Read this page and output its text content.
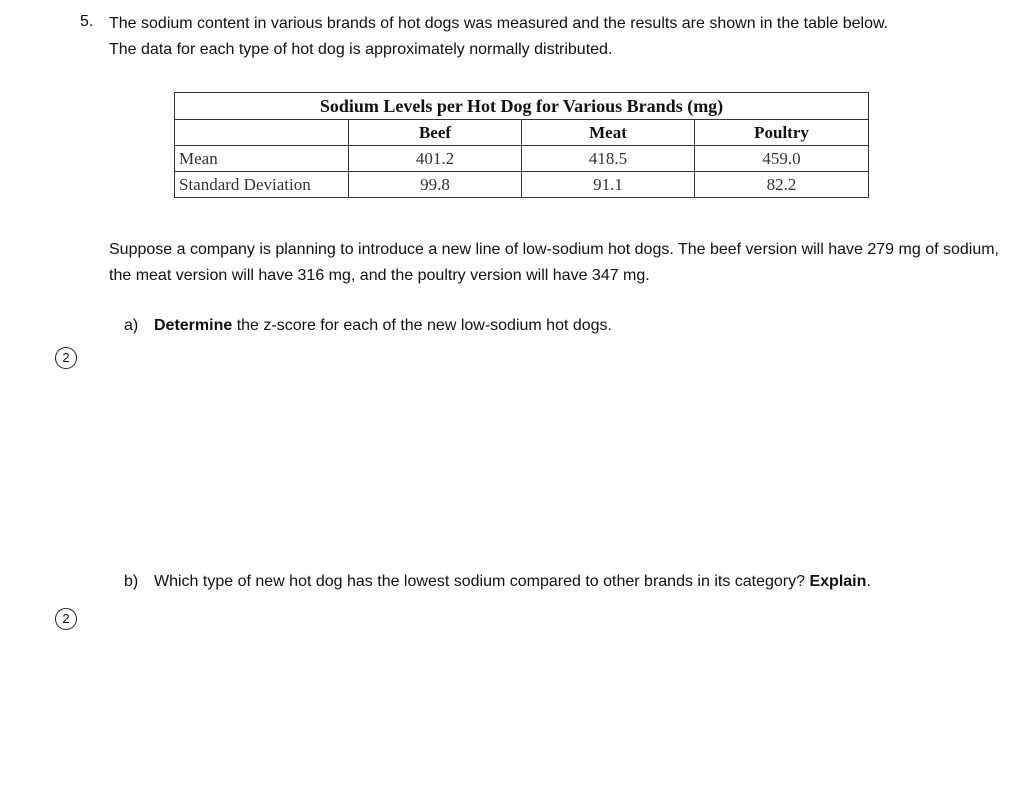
5. The sodium content in various brands of hot dogs was measured and the results are shown in the table below.
The data for each type of hot dog is approximately normally distributed.
Sodium Levels per Hot Dog for Various Brands (mg)			
	Beef	Meat	Poultry
Mean	401.2	418.5	459.0
Standard Deviation	99.8	91.1	82.2
Suppose a company is planning to introduce a new line of low-sodium hot dogs. The beef version will have 279 mg of sodium, the meat version will have 316 mg, and the poultry version will have 347 mg.
a) Determine the z-score for each of the new low-sodium hot dogs.
2
b) Which type of new hot dog has the lowest sodium compared to other brands in its category? Explain.
2
